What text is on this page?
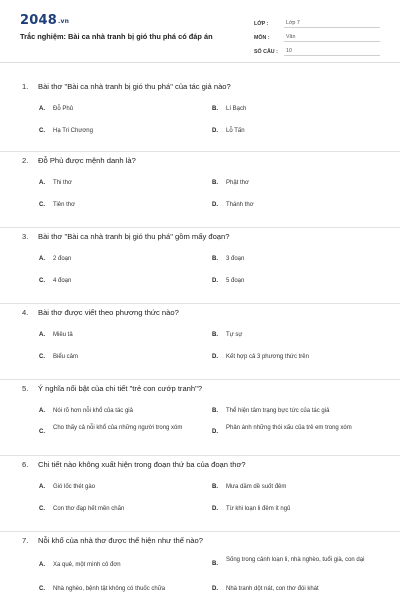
2048.vn
Trắc nghiệm: Bài ca nhà tranh bị gió thu phá có đáp án
LỚP :	Lớp 7
MÔN :	Văn
SỐ CÂU :	10
1. Bài thơ "Bài ca nhà tranh bị gió thu phá" của tác giả nào?
A. Đỗ Phủ	B. Lí Bạch
C. Hạ Tri Chương	D. Lỗ Tấn
2. Đỗ Phủ được mệnh danh là?
A. Thi thơ	B. Phật thơ
C. Tiên thơ	D. Thánh thơ
3. Bài thơ "Bài ca nhà tranh bị gió thu phá" gồm mấy đoạn?
A. 2 đoạn	B. 3 đoạn
C. 4 đoạn	D. 5 đoạn
4. Bài thơ được viết theo phương thức nào?
A. Miêu tả	B. Tự sự
C. Biểu cảm	D. Kết hợp cả 3 phương thức trên
5. Ý nghĩa nổi bật của chi tiết "trẻ con cướp tranh"?
A. Nói rõ hơn nỗi khổ của tác giả	B. Thể hiện tâm trạng bực tức của tác giả
C.
Cho thấy cả nỗi khổ của những người trong xóm
D.
Phản ánh những thói xấu của trẻ em trong xóm
6. Chi tiết nào không xuất hiện trong đoạn thứ ba của đoạn thơ?
A. Gió lốc thét gào	B. Mưa dầm dề suốt đêm
C. Con thơ đạp hết mền chăn	D. Từ khi loạn li đêm ít ngủ
7. Nỗi khổ của nhà thơ được thể hiện như thế nào?
A. Xa quê, một mình cô đơn	B.
Sống trong cảnh loạn li, nhà nghèo, tuổi già, con dại
C. Nhà nghèo, bệnh tật không có thuốc chữa	D. Nhà tranh dột nát, con thơ đói khát
